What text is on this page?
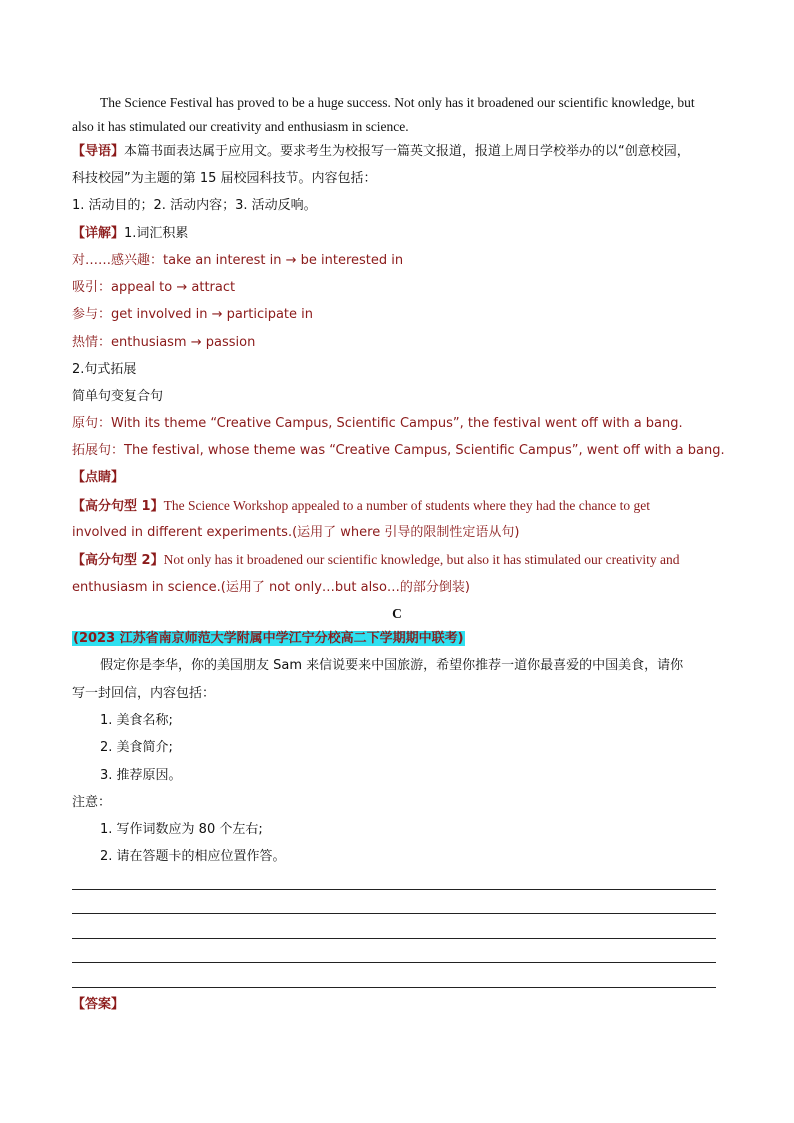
The Science Festival has proved to be a huge success. Not only has it broadened our scientific knowledge, but
also it has stimulated our creativity and enthusiasm in science.
【导语】本篇书面表达属于应用文。要求考生为校报写一篇英文报道，报道上周日学校举办的以“创意校园，
科技校园”为主题的第 15 届校园科技节。内容包括：
1. 活动目的；2. 活动内容；3. 活动反响。
【详解】1.词汇积累
对……感兴趣：take an interest in → be interested in
吸引：appeal to → attract
参与：get involved in → participate in
热情：enthusiasm → passion
2.句式拓展
简单句变复合句
原句：With its theme “Creative Campus, Scientific Campus”, the festival went off with a bang.
拓展句：The festival, whose theme was “Creative Campus, Scientific Campus”, went off with a bang.
【点睛】
【高分句型 1】The Science Workshop appealed to a number of students where they had the chance to get
involved in different experiments.(运用了 where 引导的限制性定语从句)
【高分句型 2】Not only has it broadened our scientific knowledge, but also it has stimulated our creativity and
enthusiasm in science.(运用了 not only…but also…的部分倒装)
C
(2023 江苏省南京师范大学附属中学江宁分校高二下学期期中联考)
假定你是李华，你的美国朋友 Sam 来信说要来中国旅游，希望你推荐一道你最喜爱的中国美食，请你
写一封回信，内容包括：
1. 美食名称;
2. 美食简介;
3. 推荐原因。
注意：
1. 写作词数应为 80 个左右;
2. 请在答题卡的相应位置作答。
【答案】
